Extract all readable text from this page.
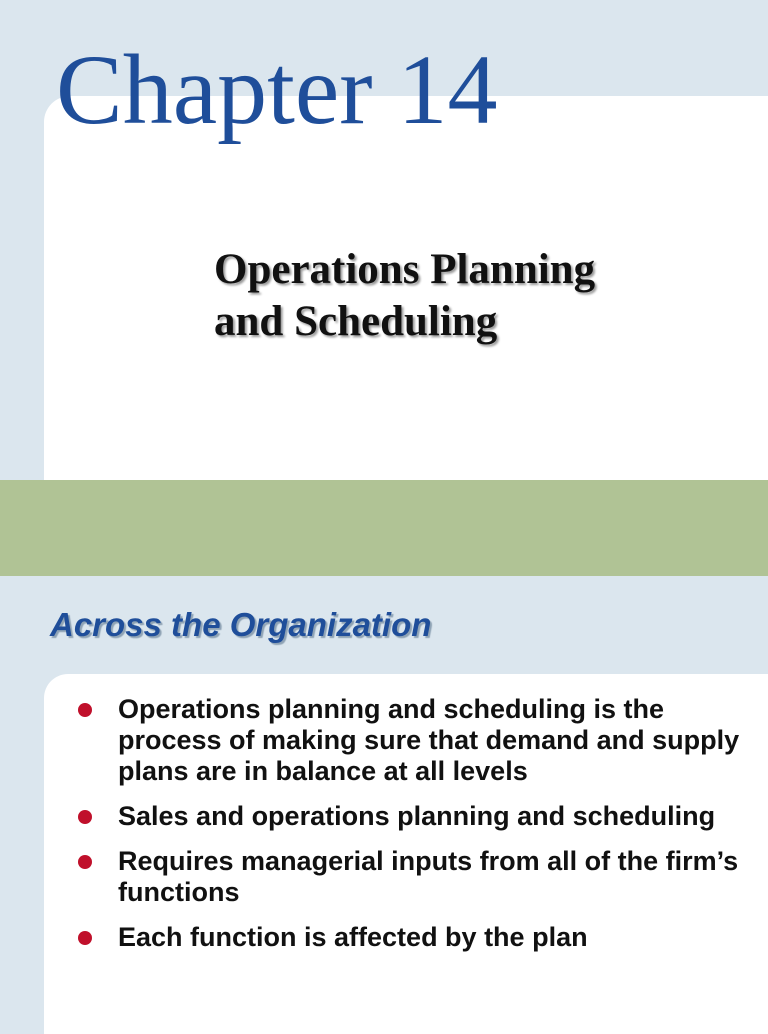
Chapter 14
Operations Planning
and Scheduling
Across the Organization
Operations planning and scheduling is the process of making sure that demand and supply plans are in balance at all levels
Sales and operations planning and scheduling
Requires managerial inputs from all of the firm’s functions
Each function is affected by the plan
